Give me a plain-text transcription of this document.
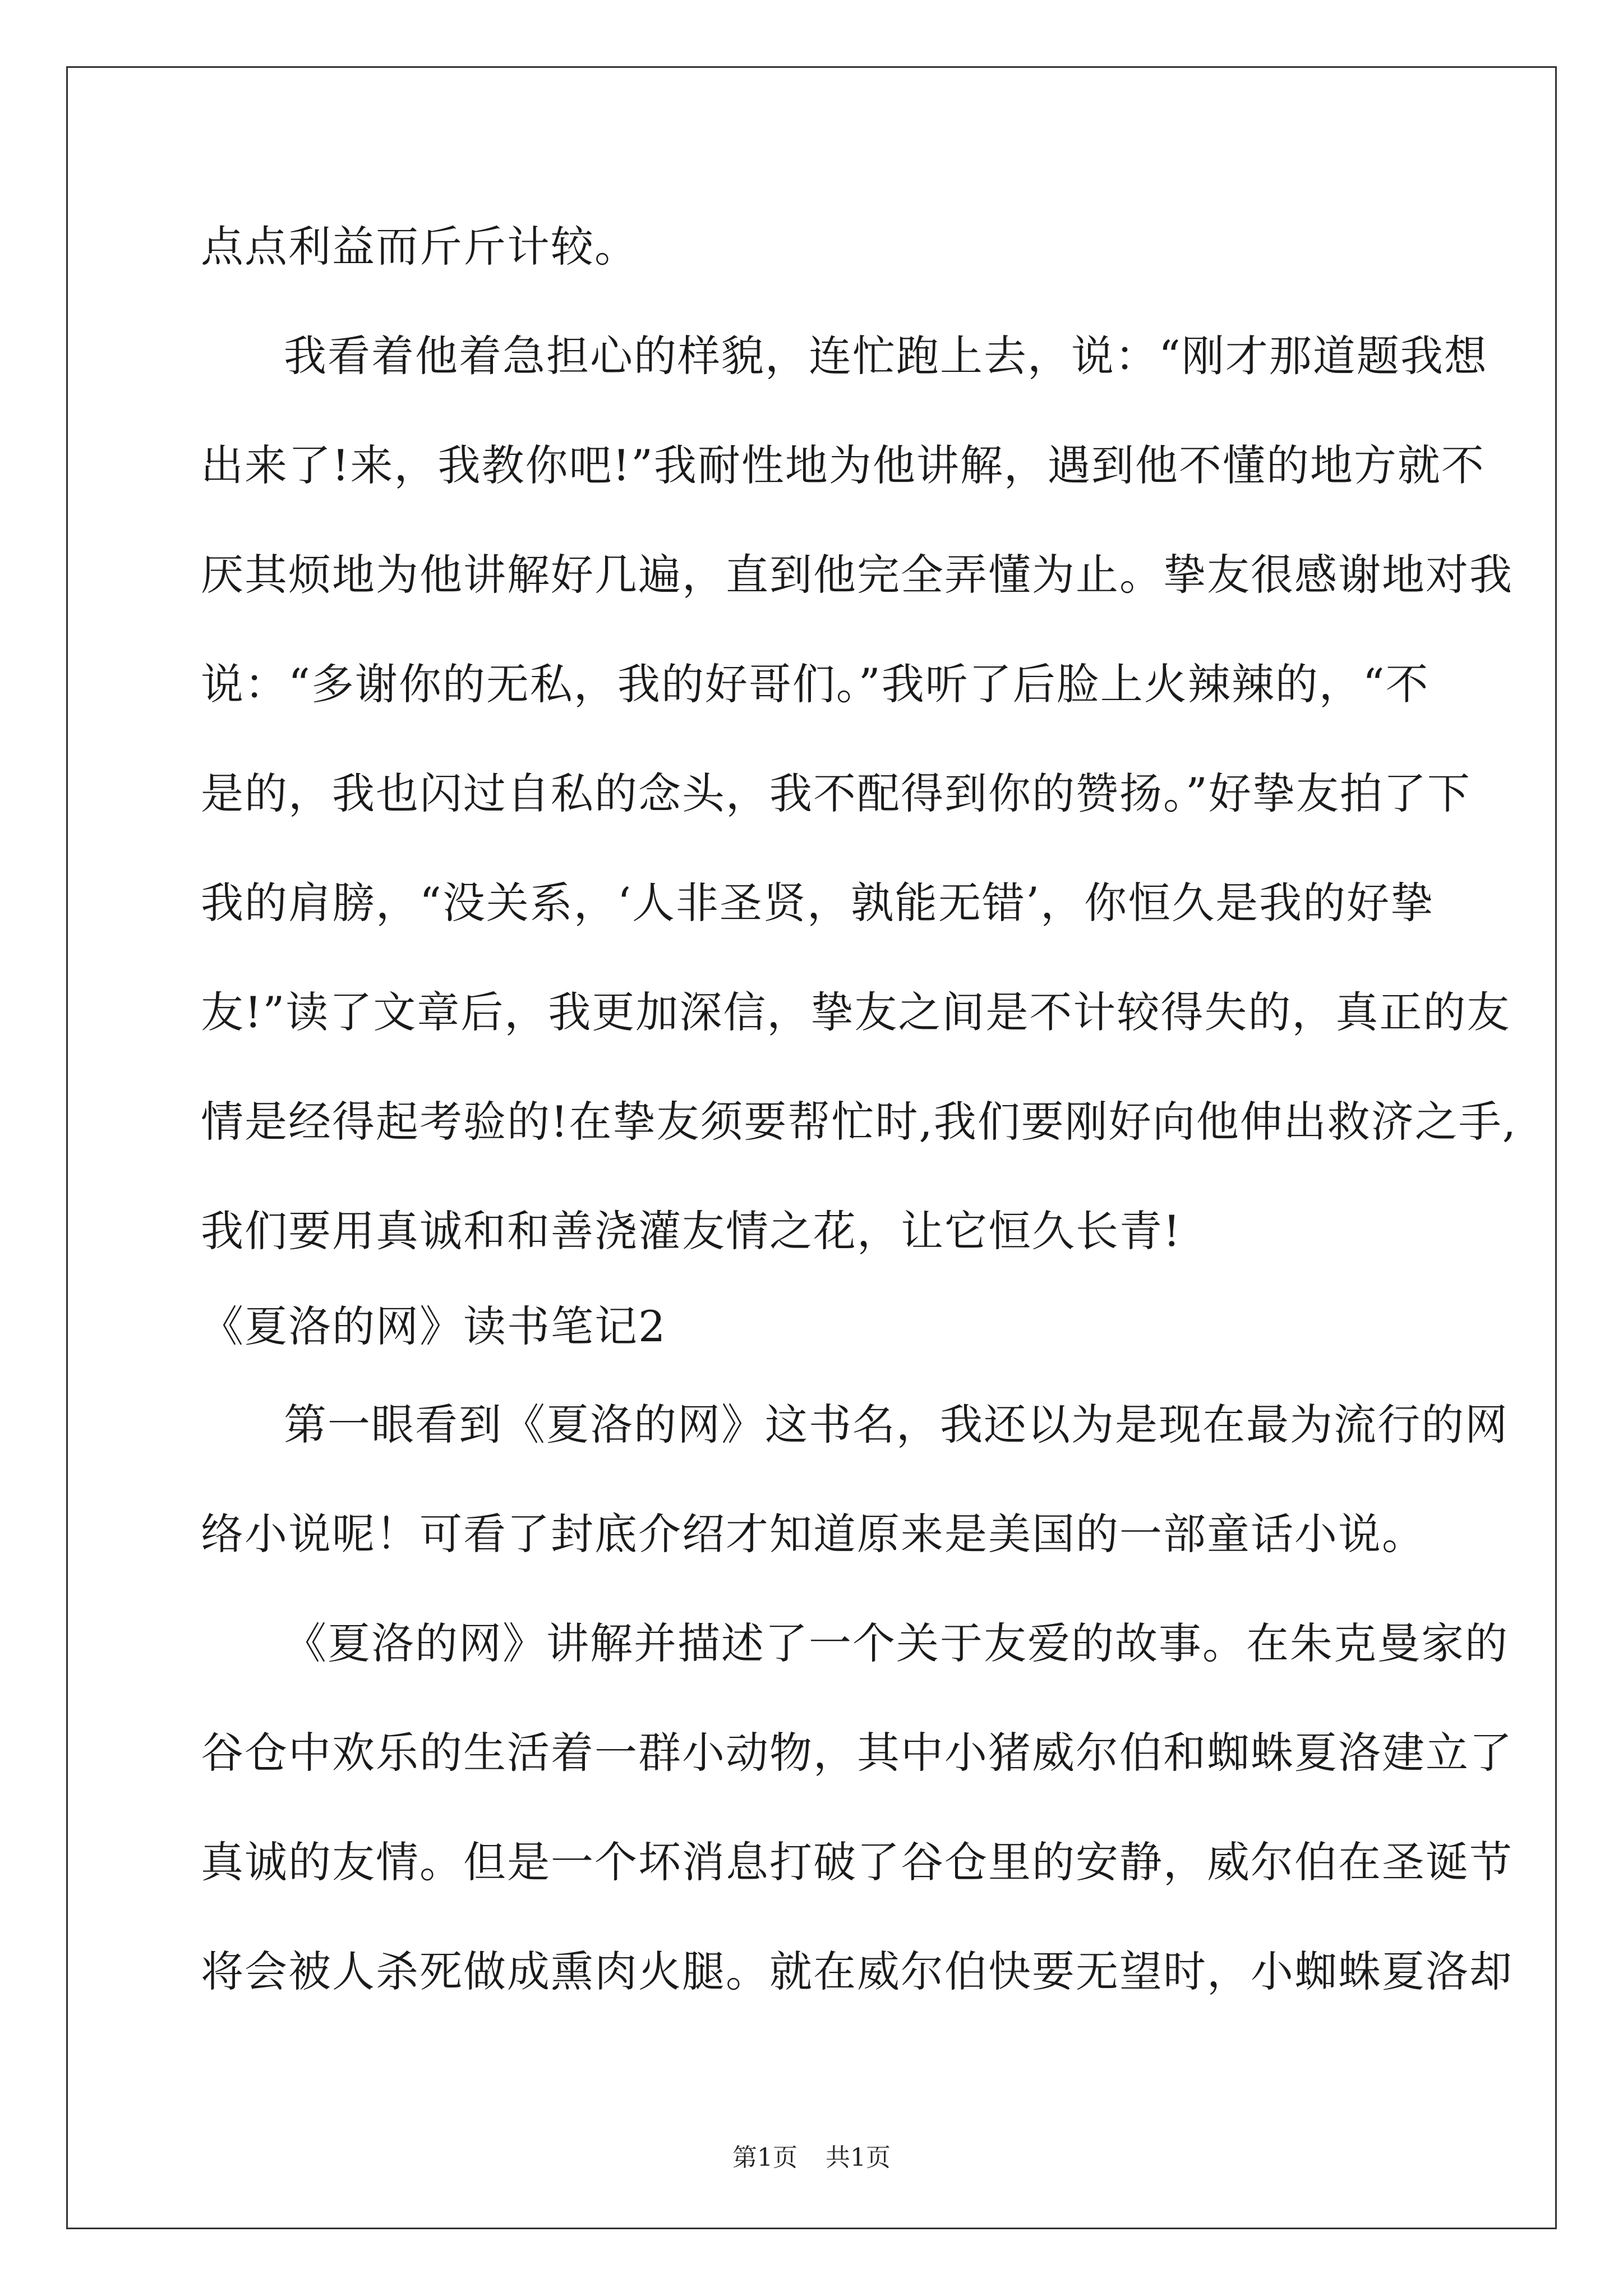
点点利益而斤斤计较。
我看着他着急担心的样貌，连忙跑上去，说：“刚才那道题我想
出来了!来，我教你吧!”我耐性地为他讲解，遇到他不懂的地方就不
厌其烦地为他讲解好几遍，直到他完全弄懂为止。挚友很感谢地对我
说：“多谢你的无私，我的好哥们。”我听了后脸上火辣辣的，“不
是的，我也闪过自私的念头，我不配得到你的赞扬。”好挚友拍了下
我的肩膀，“没关系，‘人非圣贤，孰能无错’，你恒久是我的好挚
友!”读了文章后，我更加深信，挚友之间是不计较得失的，真正的友
情是经得起考验的!在挚友须要帮忙时,我们要刚好向他伸出救济之手,
我们要用真诚和和善浇灌友情之花，让它恒久长青!
《夏洛的网》读书笔记2
第一眼看到《夏洛的网》这书名，我还以为是现在最为流行的网
络小说呢！可看了封底介绍才知道原来是美国的一部童话小说。
《夏洛的网》讲解并描述了一个关于友爱的故事。在朱克曼家的
谷仓中欢乐的生活着一群小动物，其中小猪威尔伯和蜘蛛夏洛建立了
真诚的友情。但是一个坏消息打破了谷仓里的安静，威尔伯在圣诞节
将会被人杀死做成熏肉火腿。就在威尔伯快要无望时，小蜘蛛夏洛却
第1页 共1页
